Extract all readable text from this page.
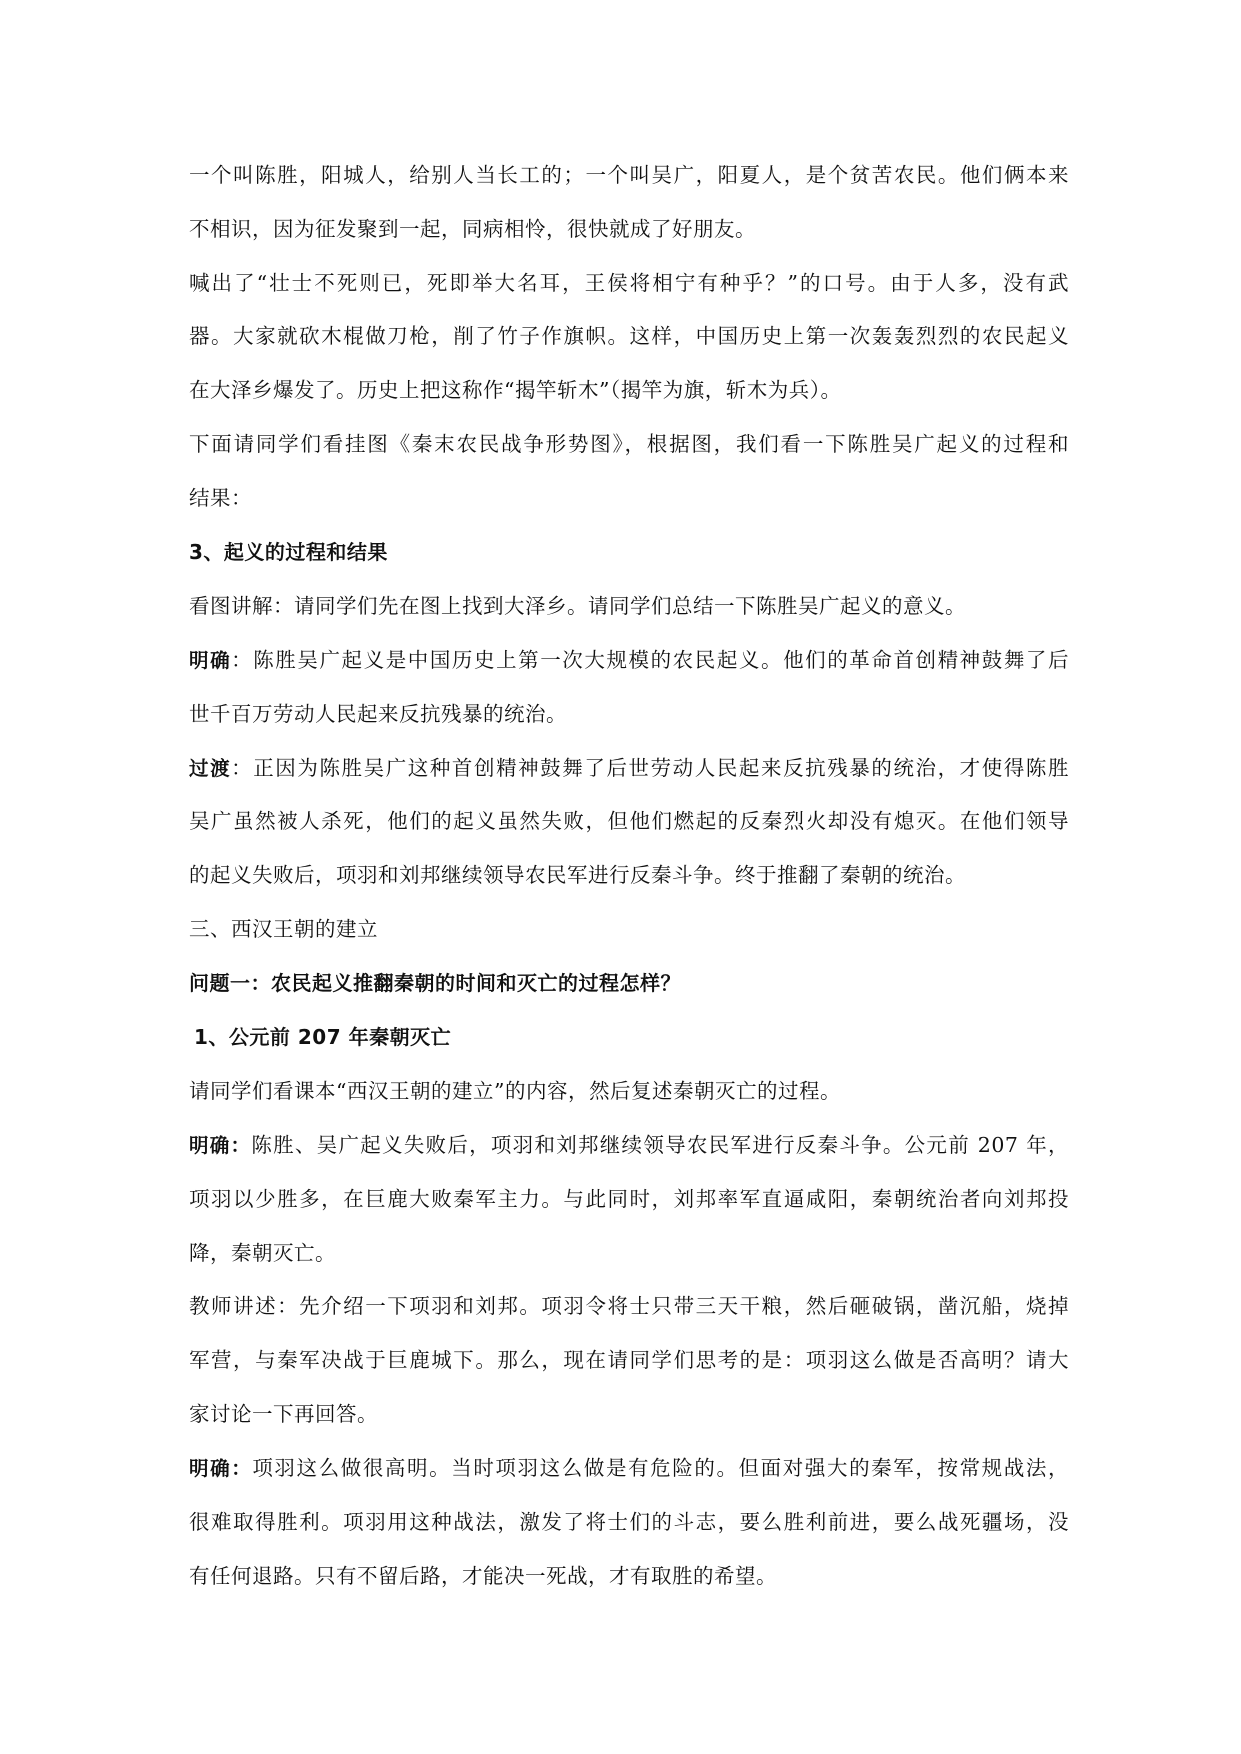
一个叫陈胜，阳城人，给别人当长工的；一个叫吴广，阳夏人，是个贫苦农民。他们俩本来
不相识，因为征发聚到一起，同病相怜，很快就成了好朋友。
喊出了“壮士不死则已，死即举大名耳，王侯将相宁有种乎？”的口号。由于人多，没有武
器。大家就砍木棍做刀枪，削了竹子作旗帜。这样，中国历史上第一次轰轰烈烈的农民起义
在大泽乡爆发了。历史上把这称作“揭竿斩木”（揭竿为旗，斩木为兵）。
下面请同学们看挂图《秦末农民战争形势图》，根据图，我们看一下陈胜吴广起义的过程和
结果：
3、起义的过程和结果
看图讲解：请同学们先在图上找到大泽乡。请同学们总结一下陈胜吴广起义的意义。
明确：陈胜吴广起义是中国历史上第一次大规模的农民起义。他们的革命首创精神鼓舞了后
世千百万劳动人民起来反抗残暴的统治。
过渡：正因为陈胜吴广这种首创精神鼓舞了后世劳动人民起来反抗残暴的统治，才使得陈胜
吴广虽然被人杀死，他们的起义虽然失败，但他们燃起的反秦烈火却没有熄灭。在他们领导
的起义失败后，项羽和刘邦继续领导农民军进行反秦斗争。终于推翻了秦朝的统治。
三、西汉王朝的建立
问题一：农民起义推翻秦朝的时间和灭亡的过程怎样？
1、公元前 207 年秦朝灭亡
请同学们看课本“西汉王朝的建立”的内容，然后复述秦朝灭亡的过程。
明确：陈胜、吴广起义失败后，项羽和刘邦继续领导农民军进行反秦斗争。公元前 207 年，
项羽以少胜多，在巨鹿大败秦军主力。与此同时，刘邦率军直逼咸阳，秦朝统治者向刘邦投
降，秦朝灭亡。
教师讲述：先介绍一下项羽和刘邦。项羽令将士只带三天干粮，然后砸破锅，凿沉船，烧掉
军营，与秦军决战于巨鹿城下。那么，现在请同学们思考的是：项羽这么做是否高明？请大
家讨论一下再回答。
明确：项羽这么做很高明。当时项羽这么做是有危险的。但面对强大的秦军，按常规战法，
很难取得胜利。项羽用这种战法，激发了将士们的斗志，要么胜利前进，要么战死疆场，没
有任何退路。只有不留后路，才能决一死战，才有取胜的希望。
